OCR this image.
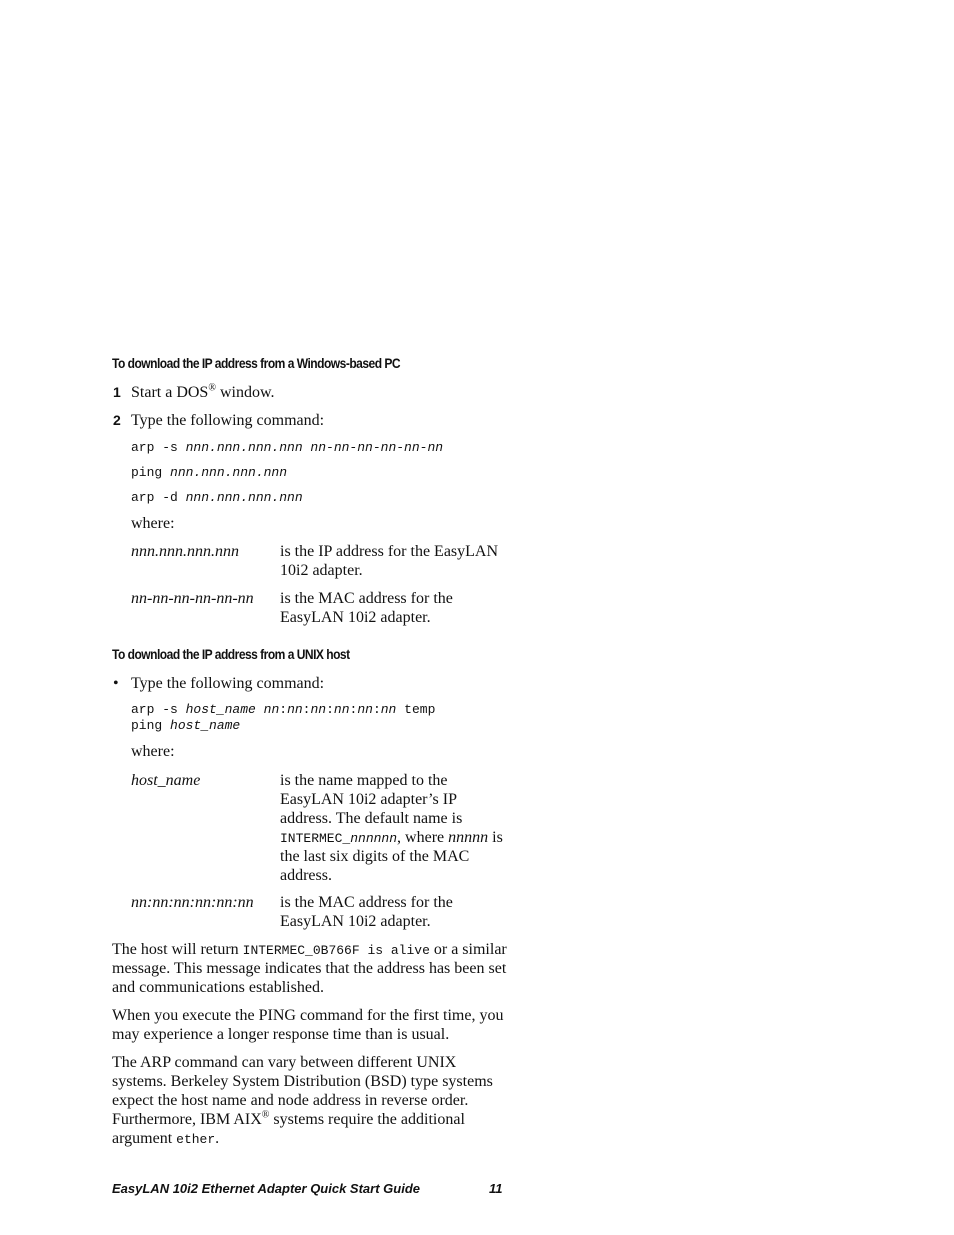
To download the IP address from a Windows-based PC
1 Start a DOS® window.
2 Type the following command:
arp -s nnn.nnn.nnn.nnn nn-nn-nn-nn-nn-nn
ping nnn.nnn.nnn.nnn
arp -d nnn.nnn.nnn.nnn
where:
nnn.nnn.nnn.nnn	is the IP address for the EasyLAN 10i2 adapter.
nn-nn-nn-nn-nn-nn is the MAC address for the EasyLAN 10i2 adapter.
To download the IP address from a UNIX host
• Type the following command:
arp -s host_name nn:nn:nn:nn:nn:nn temp
ping host_name
where:
host_name	is the name mapped to the EasyLAN 10i2 adapter’s IP address. The default name is INTERMEC_nnnnnn, where nnnnn is the last six digits of the MAC address.
nn:nn:nn:nn:nn:nn is the MAC address for the EasyLAN 10i2 adapter.
The host will return INTERMEC_0B766F is alive or a similar message. This message indicates that the address has been set and communications established.
When you execute the PING command for the first time, you may experience a longer response time than is usual.
The ARP command can vary between different UNIX systems. Berkeley System Distribution (BSD) type systems expect the host name and node address in reverse order. Furthermore, IBM AIX® systems require the additional argument ether.
EasyLAN 10i2 Ethernet Adapter Quick Start Guide	11
